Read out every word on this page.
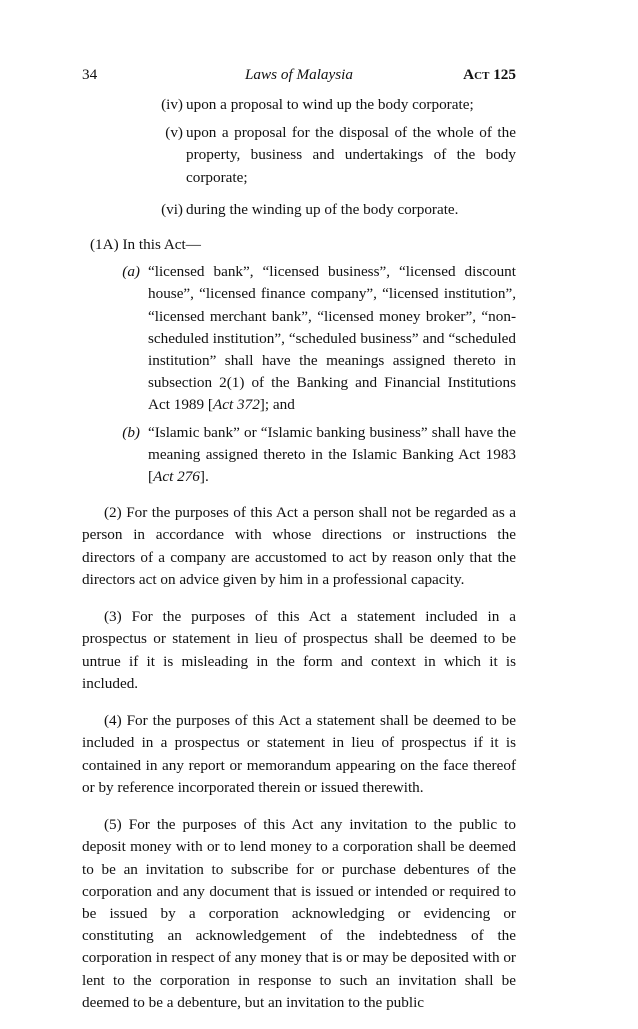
34	Laws of Malaysia	Act 125
(iv) upon a proposal to wind up the body corporate;
(v) upon a proposal for the disposal of the whole of the property, business and undertakings of the body corporate;
(vi) during the winding up of the body corporate.
(1A) In this Act—
(a) “licensed bank”, “licensed business”, “licensed discount house”, “licensed finance company”, “licensed institution”, “licensed merchant bank”, “licensed money broker”, “non-scheduled institution”, “scheduled business” and “scheduled institution” shall have the meanings assigned thereto in subsection 2(1) of the Banking and Financial Institutions Act 1989 [Act 372]; and
(b) “Islamic bank” or “Islamic banking business” shall have the meaning assigned thereto in the Islamic Banking Act 1983 [Act 276].

(2) For the purposes of this Act a person shall not be regarded as a person in accordance with whose directions or instructions the directors of a company are accustomed to act by reason only that the directors act on advice given by him in a professional capacity.

(3) For the purposes of this Act a statement included in a prospectus or statement in lieu of prospectus shall be deemed to be untrue if it is misleading in the form and context in which it is included.

(4) For the purposes of this Act a statement shall be deemed to be included in a prospectus or statement in lieu of prospectus if it is contained in any report or memorandum appearing on the face thereof or by reference incorporated therein or issued therewith.

(5) For the purposes of this Act any invitation to the public to deposit money with or to lend money to a corporation shall be deemed to be an invitation to subscribe for or purchase debentures of the corporation and any document that is issued or intended or required to be issued by a corporation acknowledging or evidencing or constituting an acknowledgement of the indebtedness of the corporation in respect of any money that is or may be deposited with or lent to the corporation in response to such an invitation shall be deemed to be a debenture, but an invitation to the public
